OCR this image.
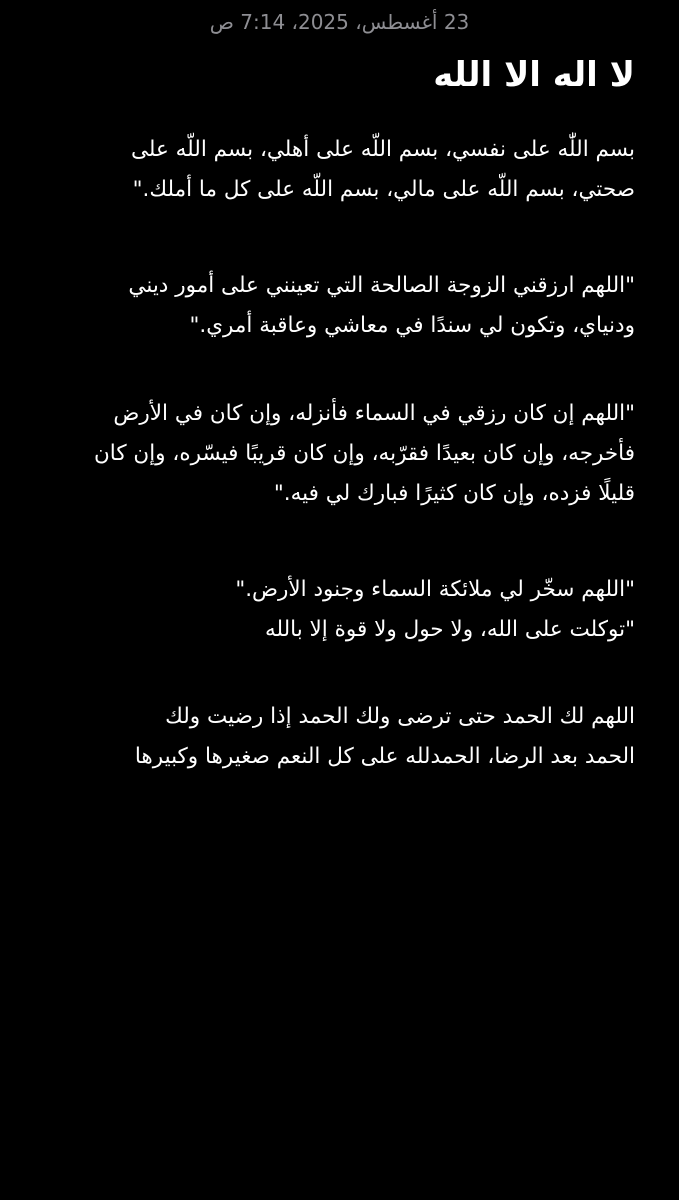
23 أغسطس، 2025، 7:14 ص
لا اله الا الله

بسم اللّٰه على نفسي، بسم اللّه على أهلي، بسم اللّه على
صحتي، بسم اللّه على مالي، بسم اللّه على كل ما أملك."

"اللهم ارزقني الزوجة الصالحة التي تعينني على أمور ديني
ودنياي، وتكون لي سندًا في معاشي وعاقبة أمري."

"اللهم إن كان رزقي في السماء فأنزله، وإن كان في الأرض
فأخرجه، وإن كان بعيدًا فقرّبه، وإن كان قريبًا فيسّره، وإن كان
قليلًا فزده، وإن كان كثيرًا فبارك لي فيه."

"اللهم سخّر لي ملائكة السماء وجنود الأرض."
"توكلت على الله، ولا حول ولا قوة إلا بالله

اللهم لك الحمد حتى ترضى ولك الحمد إذا رضيت ولك
الحمد بعد الرضا، الحمدلله على كل النعم صغيرها وكبيرها
